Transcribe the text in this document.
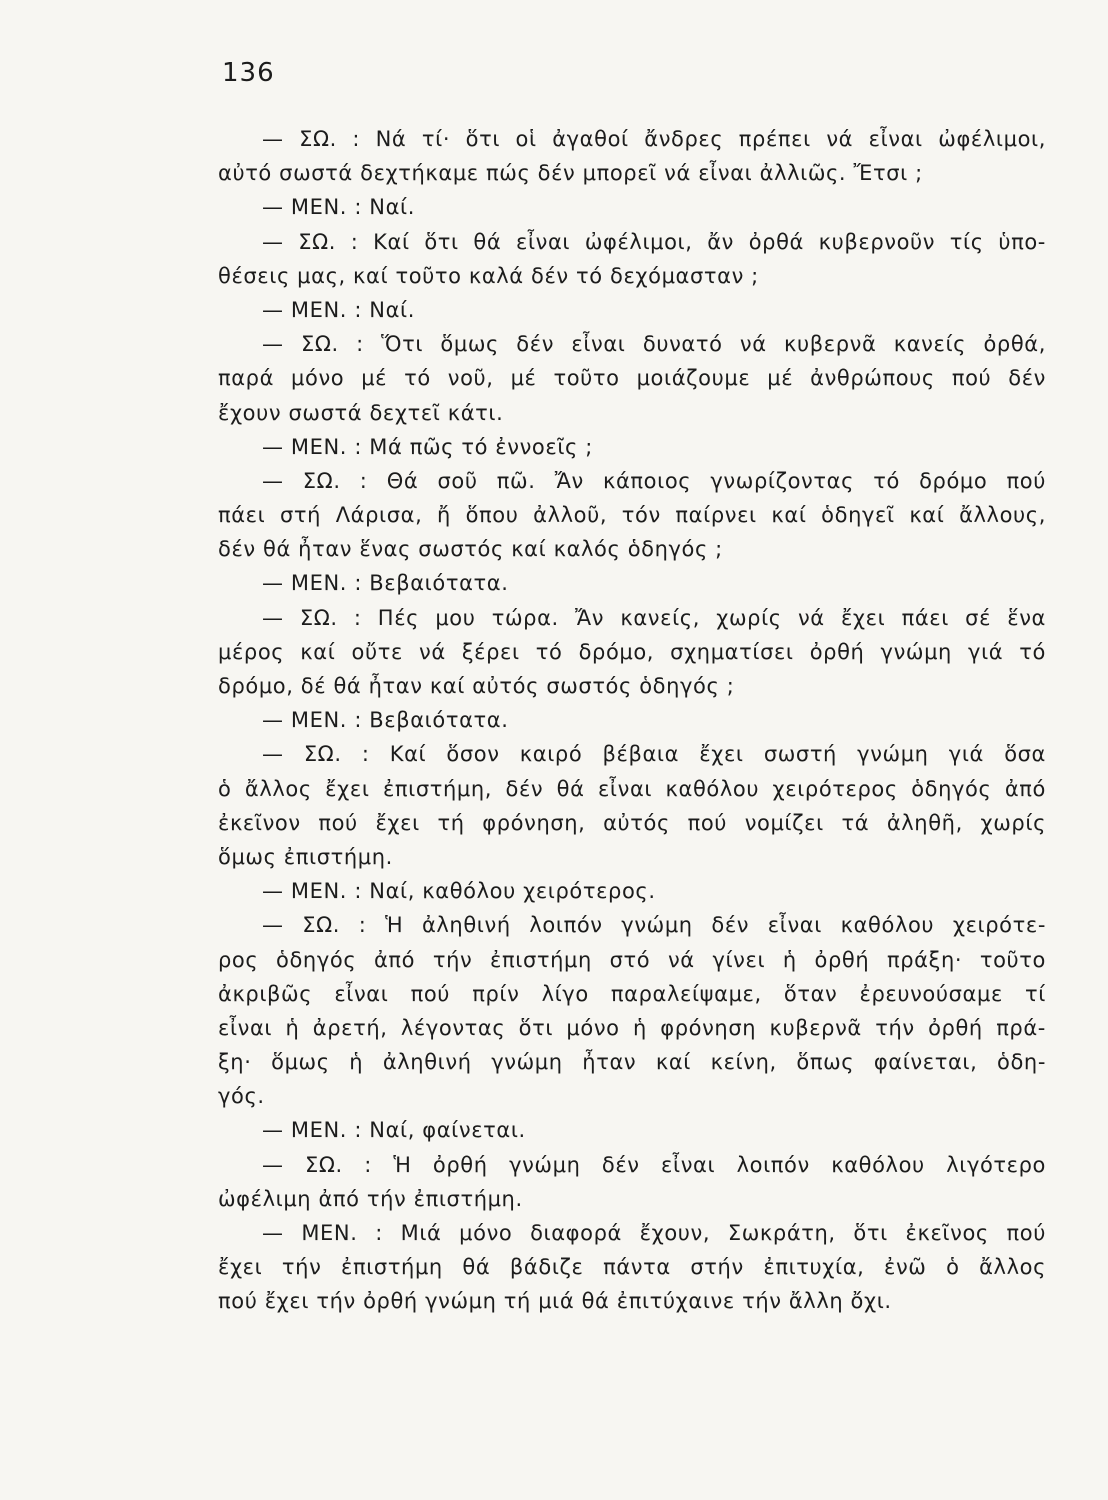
136
— ΣΩ. : Νά τί· ὅτι οἱ ἀγαθοί ἄνδρες πρέπει νά εἶναι ὠφέλιμοι,
αὐτό σωστά δεχτήκαμε πώς δέν μπορεῖ νά εἶναι ἀλλιῶς. Ἔτσι ;
— ΜΕΝ. : Ναί.
— ΣΩ. : Καί ὅτι θά εἶναι ὠφέλιμοι, ἄν ὀρθά κυβερνοῦν τίς ὑπο-
θέσεις μας, καί τοῦτο καλά δέν τό δεχόμασταν ;
— ΜΕΝ. : Ναί.
— ΣΩ. : Ὅτι ὅμως δέν εἶναι δυνατό νά κυβερνᾶ κανείς ὀρθά,
παρά μόνο μέ τό νοῦ, μέ τοῦτο μοιάζουμε μέ ἀνθρώπους πού δέν
ἔχουν σωστά δεχτεῖ κάτι.
— ΜΕΝ. : Μά πῶς τό ἐννοεῖς ;
— ΣΩ. : Θά σοῦ πῶ. Ἄν κάποιος γνωρίζοντας τό δρόμο πού
πάει στή Λάρισα, ἤ ὅπου ἀλλοῦ, τόν παίρνει καί ὁδηγεῖ καί ἄλλους,
δέν θά ἦταν ἕνας σωστός καί καλός ὁδηγός ;
— ΜΕΝ. : Βεβαιότατα.
— ΣΩ. : Πές μου τώρα. Ἄν κανείς, χωρίς νά ἔχει πάει σέ ἕνα
μέρος καί οὔτε νά ξέρει τό δρόμο, σχηματίσει ὀρθή γνώμη γιά τό
δρόμο, δέ θά ἦταν καί αὐτός σωστός ὁδηγός ;
— ΜΕΝ. : Βεβαιότατα.
— ΣΩ. : Καί ὅσον καιρό βέβαια ἔχει σωστή γνώμη γιά ὅσα
ὁ ἄλλος ἔχει ἐπιστήμη, δέν θά εἶναι καθόλου χειρότερος ὁδηγός ἀπό
ἐκεῖνον πού ἔχει τή φρόνηση, αὐτός πού νομίζει τά ἀληθῆ, χωρίς
ὅμως ἐπιστήμη.
— ΜΕΝ. : Ναί, καθόλου χειρότερος.
— ΣΩ. : Ἡ ἀληθινή λοιπόν γνώμη δέν εἶναι καθόλου χειρότε-
ρος ὁδηγός ἀπό τήν ἐπιστήμη στό νά γίνει ἡ ὀρθή πράξη· τοῦτο
ἀκριβῶς εἶναι πού πρίν λίγο παραλείψαμε, ὅταν ἐρευνούσαμε τί
εἶναι ἡ ἀρετή, λέγοντας ὅτι μόνο ἡ φρόνηση κυβερνᾶ τήν ὀρθή πρά-
ξη· ὅμως ἡ ἀληθινή γνώμη ἦταν καί κείνη, ὅπως φαίνεται, ὁδη-
γός.
— ΜΕΝ. : Ναί, φαίνεται.
— ΣΩ. : Ἡ ὀρθή γνώμη δέν εἶναι λοιπόν καθόλου λιγότερο
ὠφέλιμη ἀπό τήν ἐπιστήμη.
— ΜΕΝ. : Μιά μόνο διαφορά ἔχουν, Σωκράτη, ὅτι ἐκεῖνος πού
ἔχει τήν ἐπιστήμη θά βάδιζε πάντα στήν ἐπιτυχία, ἐνῶ ὁ ἄλλος
πού ἔχει τήν ὀρθή γνώμη τή μιά θά ἐπιτύχαινε τήν ἄλλη ὄχι.
